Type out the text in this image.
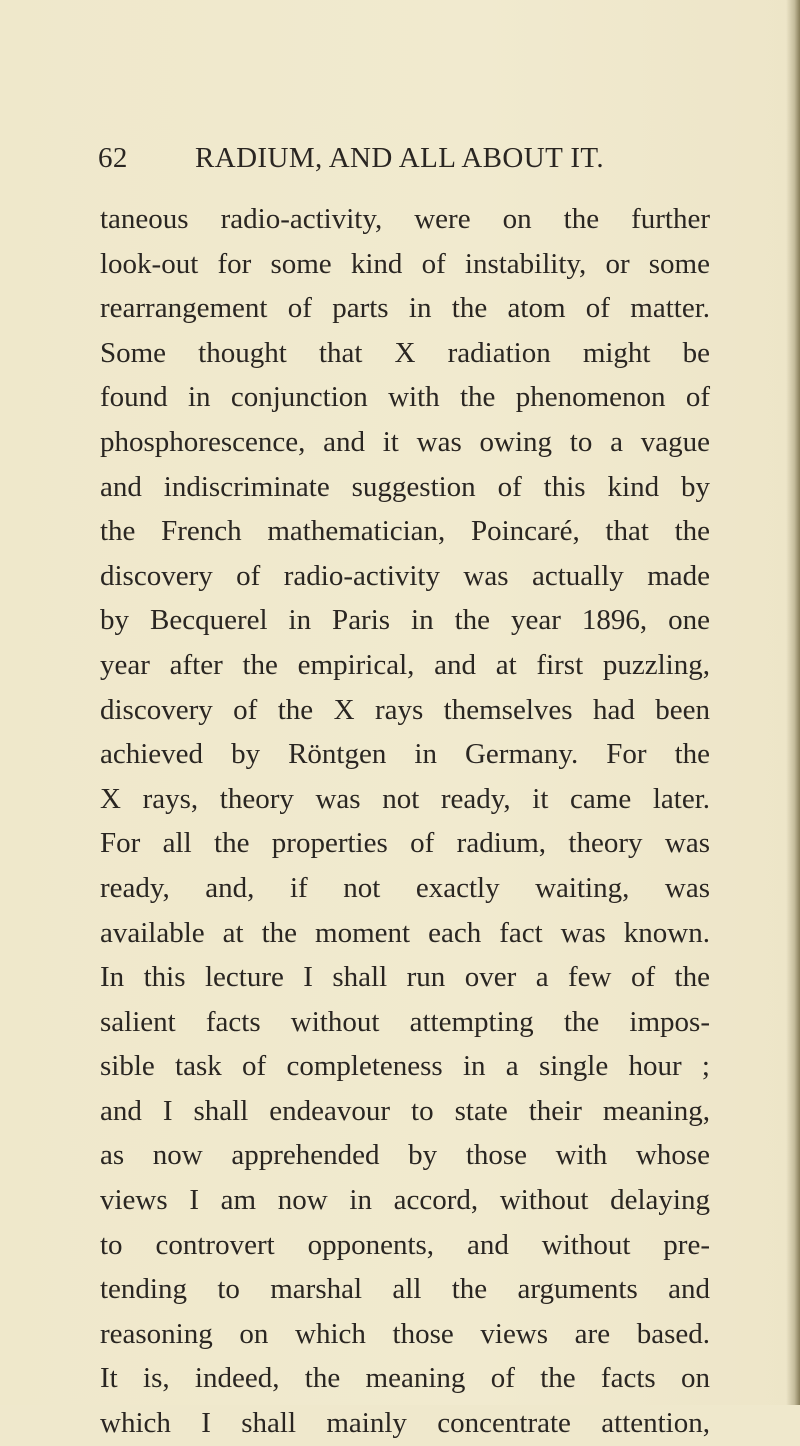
62 RADIUM, AND ALL ABOUT IT.
taneous radio-activity, were on the further
look-out for some kind of instability, or some
rearrangement of parts in the atom of matter.
Some thought that X radiation might be
found in conjunction with the phenomenon of
phosphorescence, and it was owing to a vague
and indiscriminate suggestion of this kind by
the French mathematician, Poincaré, that the
discovery of radio-activity was actually made
by Becquerel in Paris in the year 1896, one
year after the empirical, and at first puzzling,
discovery of the X rays themselves had been
achieved by Röntgen in Germany. For the
X rays, theory was not ready, it came later.
For all the properties of radium, theory was
ready, and, if not exactly waiting, was
available at the moment each fact was known.
In this lecture I shall run over a few of the
salient facts without attempting the impos-
sible task of completeness in a single hour ;
and I shall endeavour to state their meaning,
as now apprehended by those with whose
views I am now in accord, without delaying
to controvert opponents, and without pre-
tending to marshal all the arguments and
reasoning on which those views are based.
It is, indeed, the meaning of the facts on
which I shall mainly concentrate attention,
